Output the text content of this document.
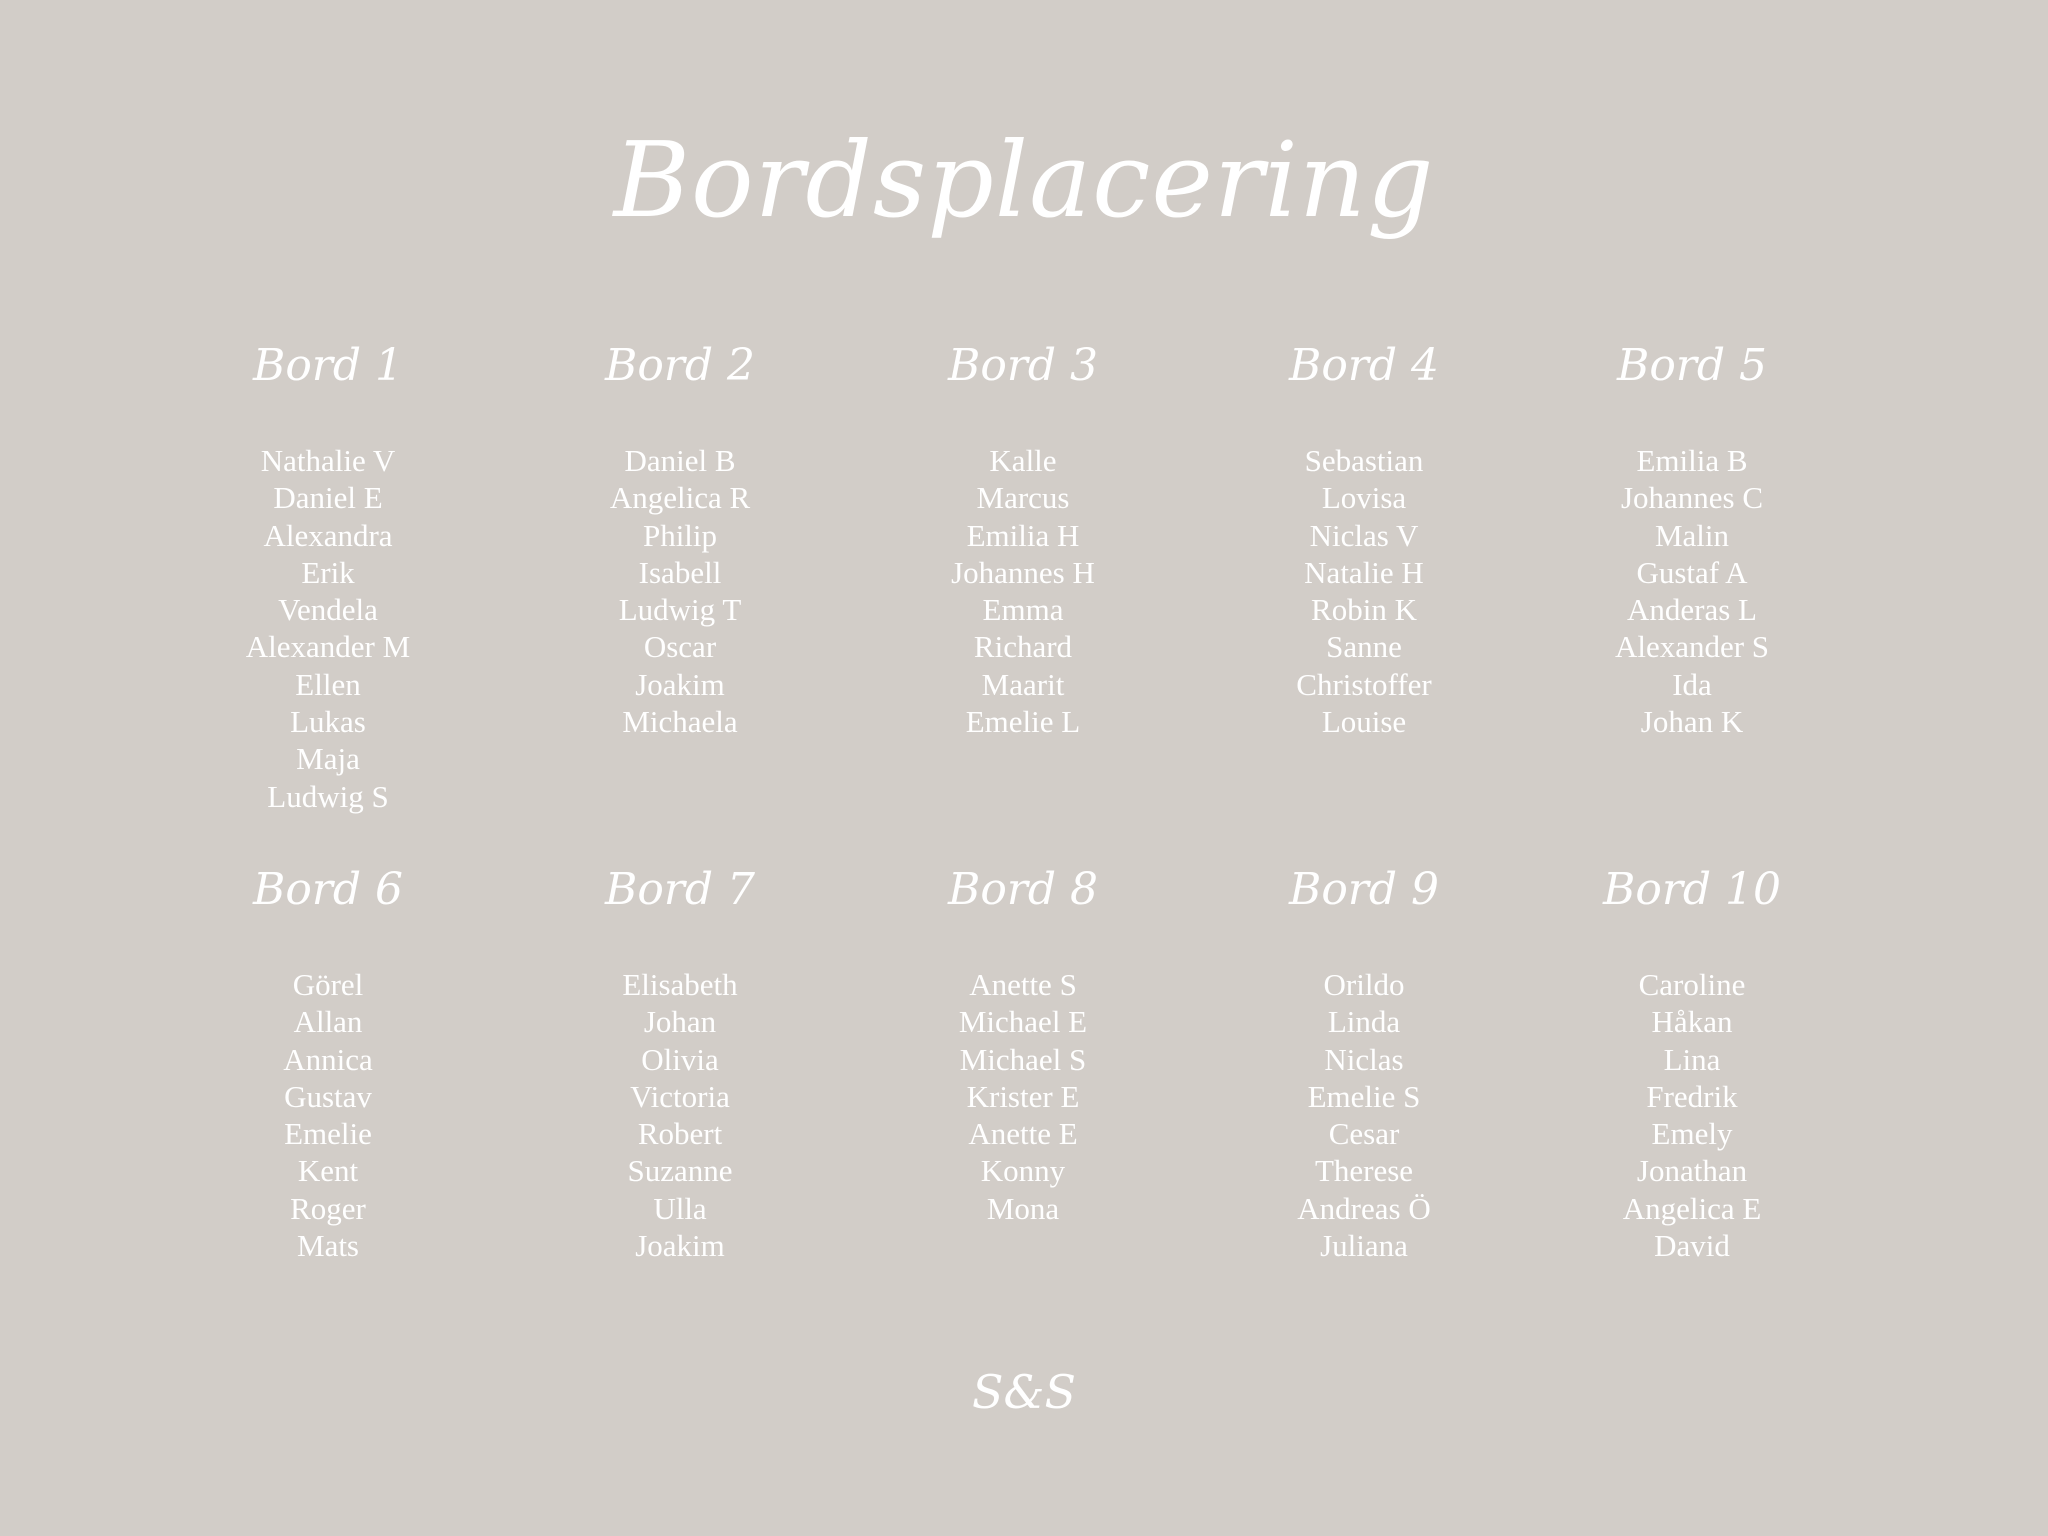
Bordsplacering
Bord 1
Nathalie V
Daniel E
Alexandra
Erik
Vendela
Alexander M
Ellen
Lukas
Maja
Ludwig S
Bord 2
Daniel B
Angelica R
Philip
Isabell
Ludwig T
Oscar
Joakim
Michaela
Bord 3
Kalle
Marcus
Emilia H
Johannes H
Emma
Richard
Maarit
Emelie L
Bord 4
Sebastian
Lovisa
Niclas V
Natalie H
Robin K
Sanne
Christoffer
Louise
Bord 5
Emilia B
Johannes C
Malin
Gustaf A
Anderas L
Alexander S
Ida
Johan K
Bord 6
Görel
Allan
Annica
Gustav
Emelie
Kent
Roger
Mats
Bord 7
Elisabeth
Johan
Olivia
Victoria
Robert
Suzanne
Ulla
Joakim
Bord 8
Anette S
Michael E
Michael S
Krister E
Anette E
Konny
Mona
Bord 9
Orildo
Linda
Niclas
Emelie S
Cesar
Therese
Andreas Ö
Juliana
Bord 10
Caroline
Håkan
Lina
Fredrik
Emely
Jonathan
Angelica E
David
S&S
